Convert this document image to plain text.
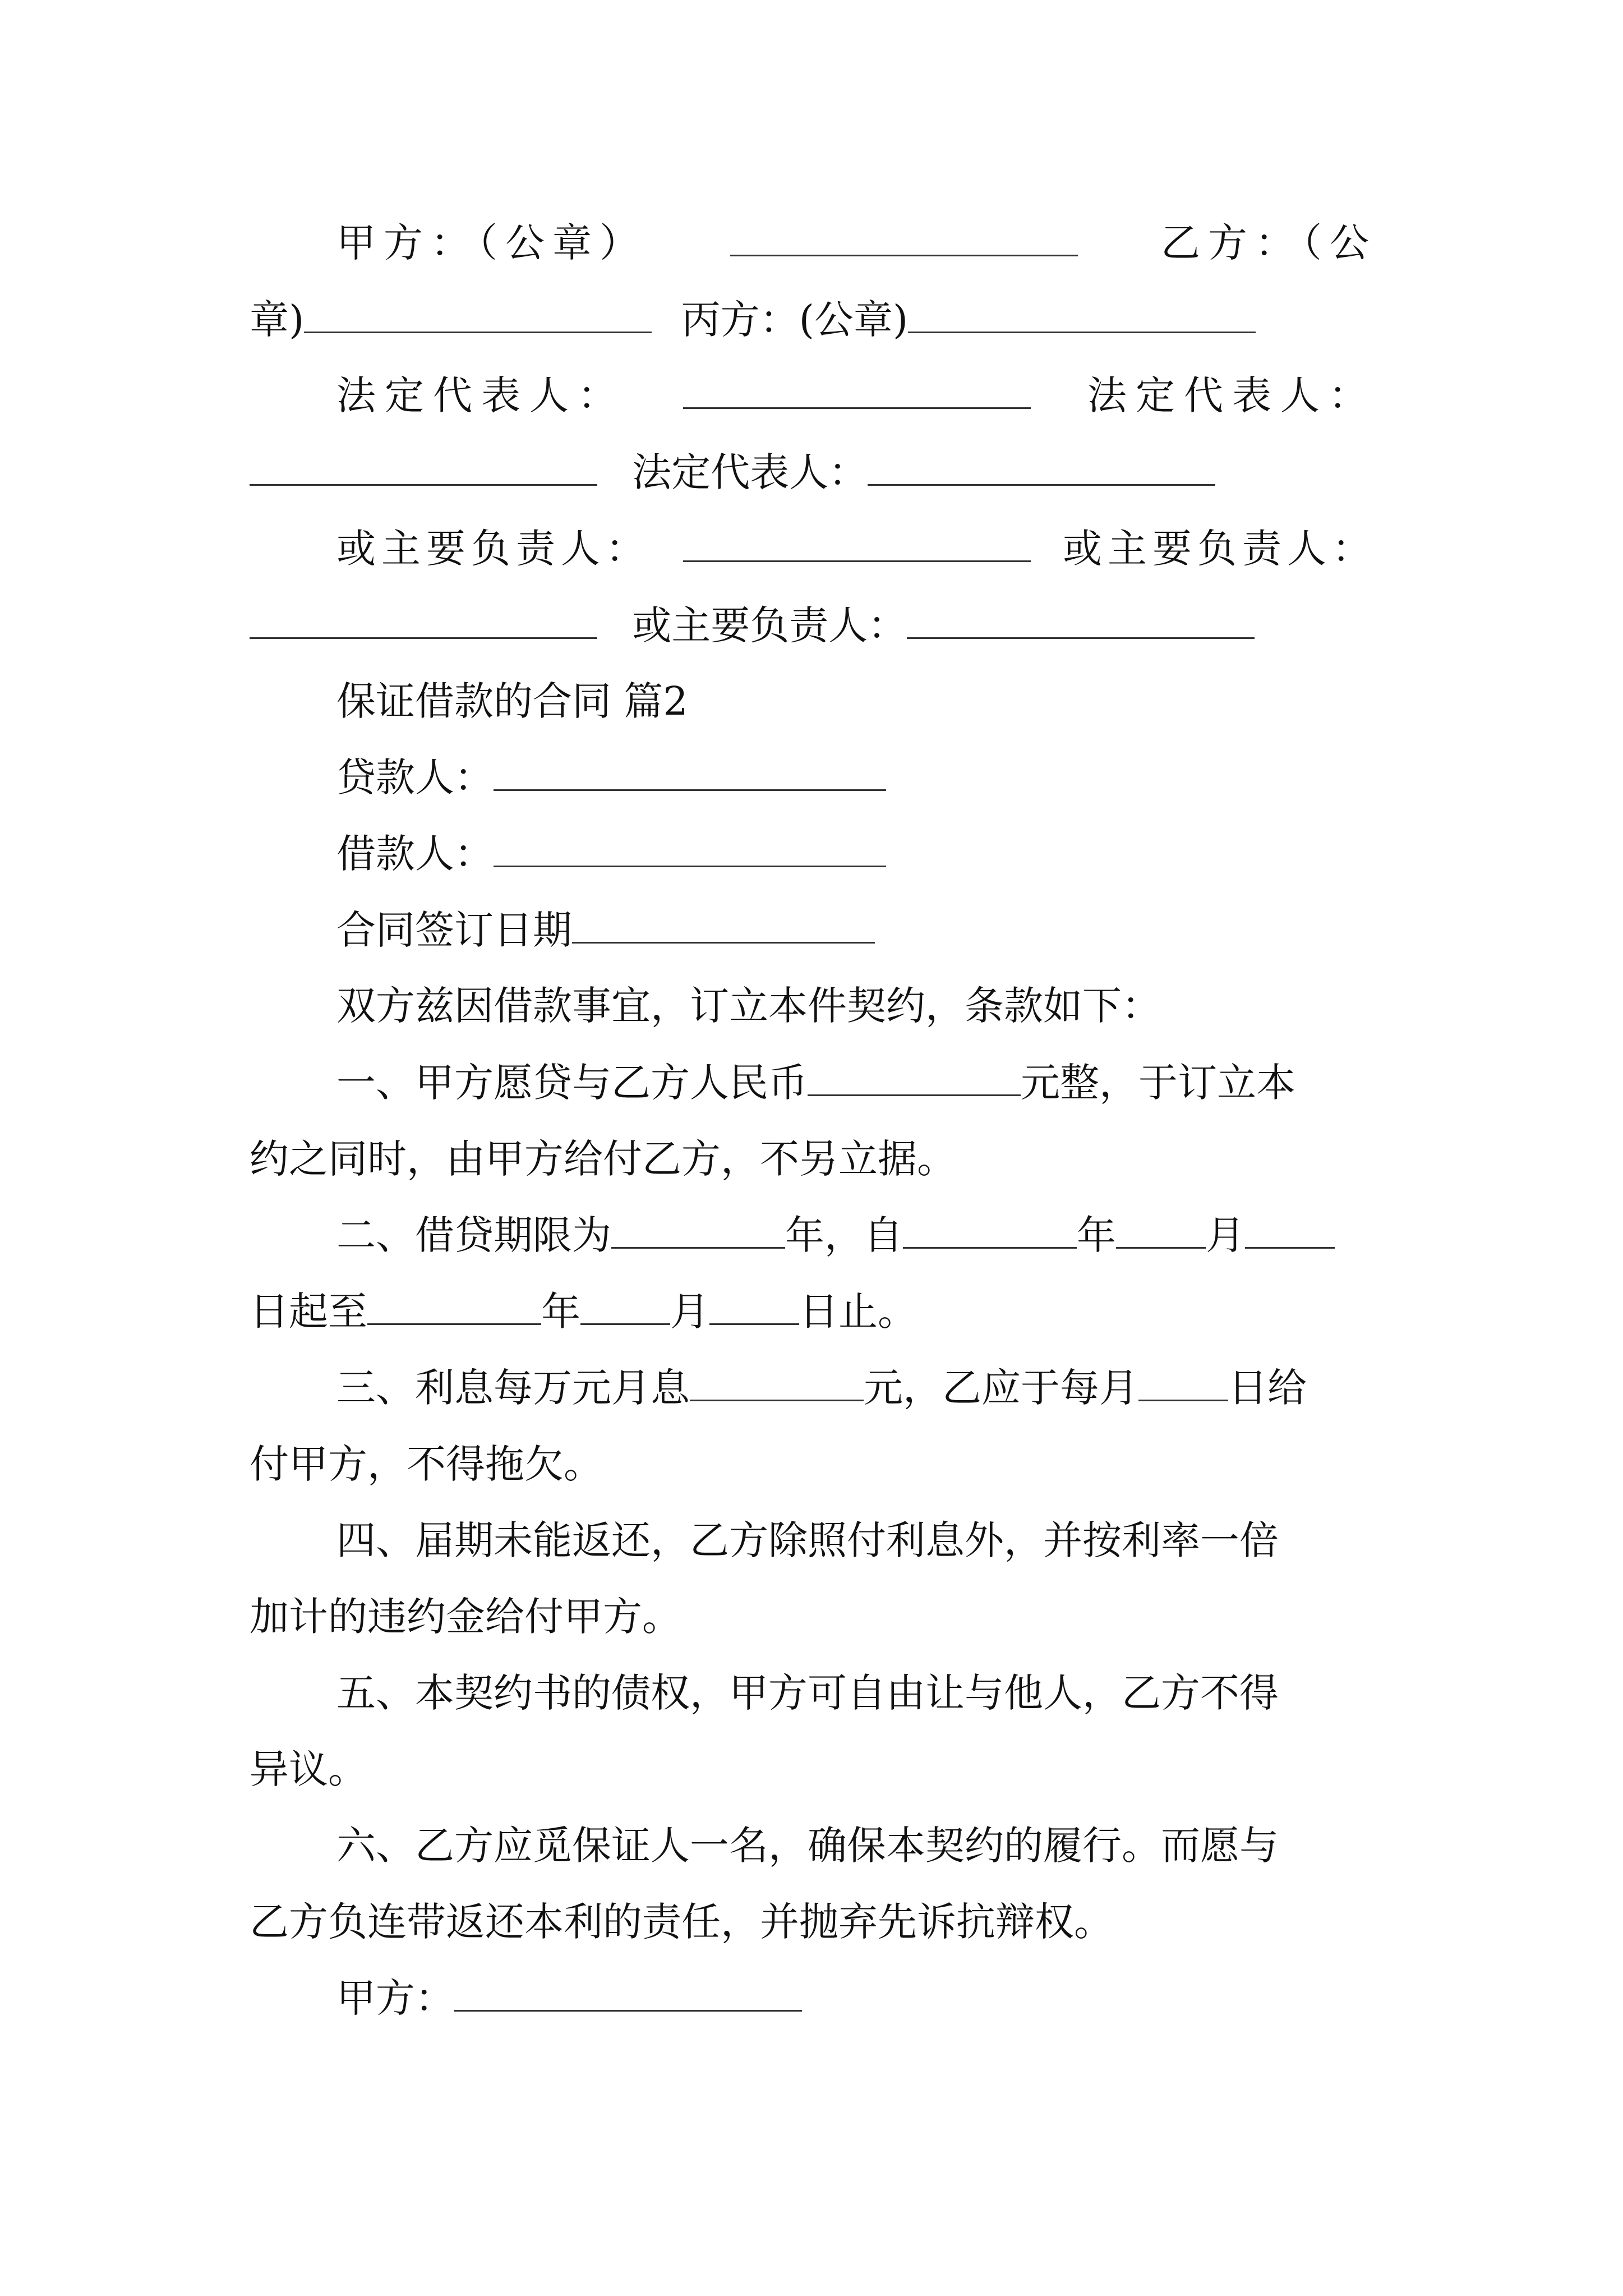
甲方：（公章）	乙方：（公
章)	丙方：(公章)
法定代表人：	法定代表人：
法定代表人：
或主要负责人：	或主要负责人：
或主要负责人：
保证借款的合同 篇2
贷款人：
借款人：
合同签订日期
双方兹因借款事宜，订立本件契约，条款如下：
一、甲方愿贷与乙方人民币	元整，于订立本
约之同时，由甲方给付乙方，不另立据。
二、借贷期限为	年，自	年 月
日起至	年 月 日止。
三、利息每万元月息	元，乙应于每月 日给
付甲方，不得拖欠。
四、届期未能返还，乙方除照付利息外，并按利率一倍
加计的违约金给付甲方。
五、本契约书的债权，甲方可自由让与他人，乙方不得
异议。
六、乙方应觅保证人一名，确保本契约的履行。而愿与
乙方负连带返还本利的责任，并抛弃先诉抗辩权。
甲方：
